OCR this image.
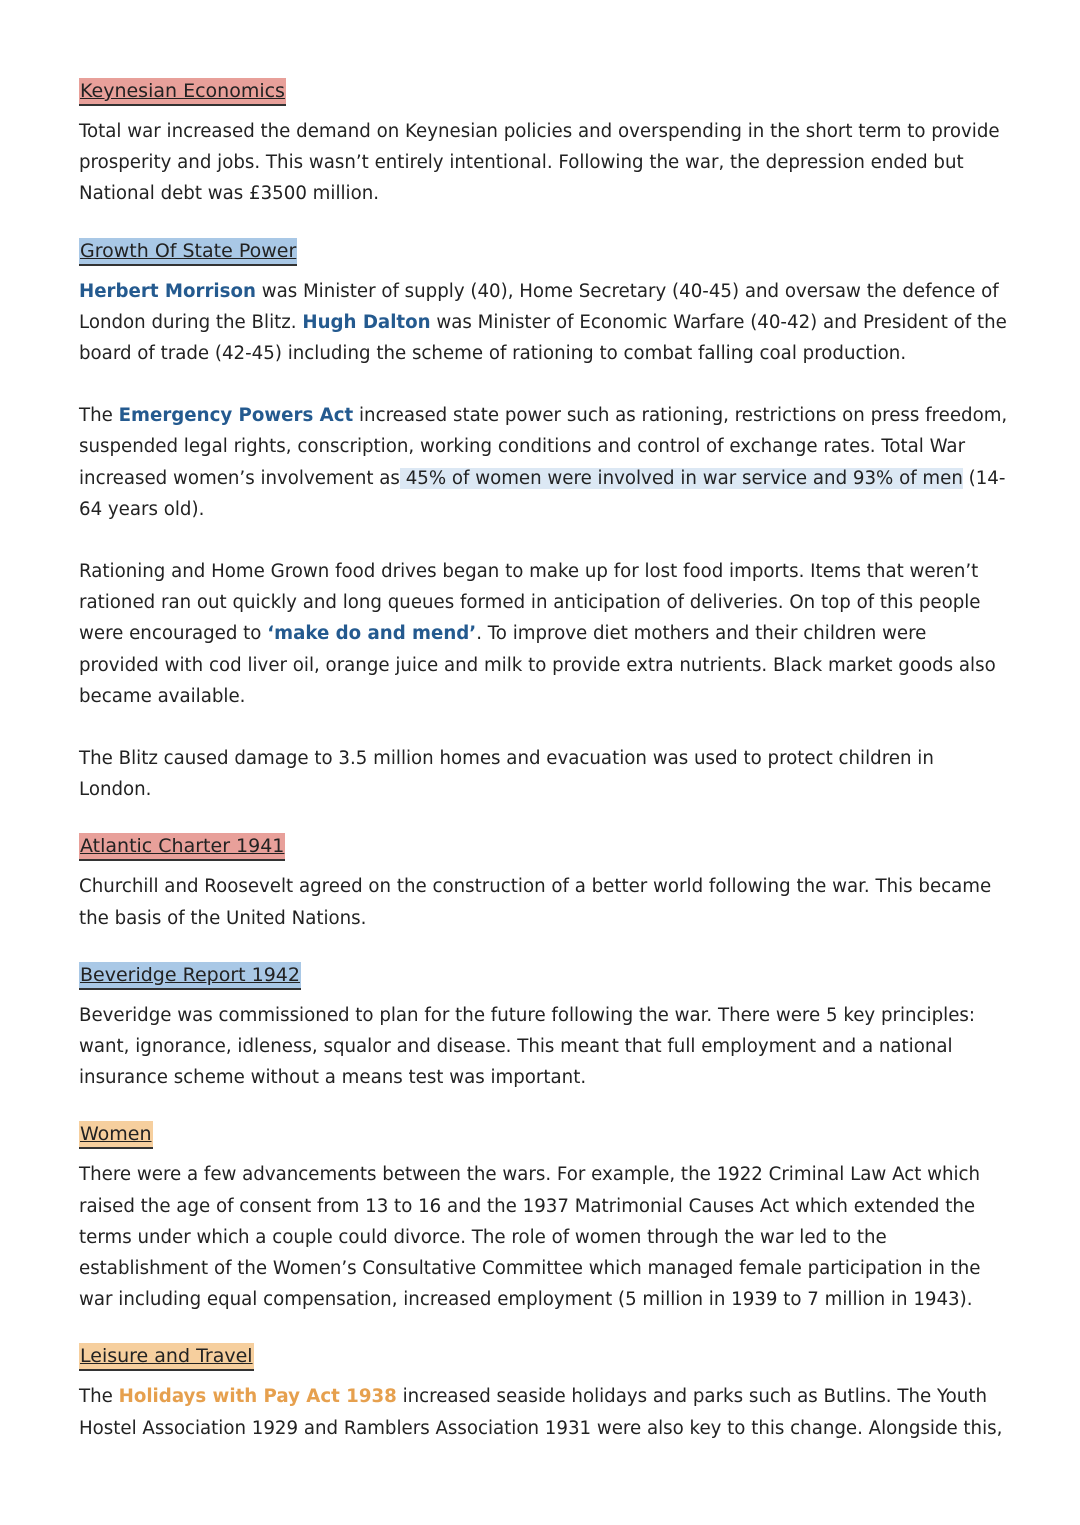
Keynesian Economics

Total war increased the demand on Keynesian policies and overspending in the short term to provide prosperity and jobs. This wasn’t entirely intentional. Following the war, the depression ended but National debt was £3500 million.

Growth Of State Power

Herbert Morrison was Minister of supply (40), Home Secretary (40-45) and oversaw the defence of London during the Blitz. Hugh Dalton was Minister of Economic Warfare (40-42) and President of the board of trade (42-45) including the scheme of rationing to combat falling coal production.

The Emergency Powers Act increased state power such as rationing, restrictions on press freedom, suspended legal rights, conscription, working conditions and control of exchange rates. Total War increased women’s involvement as 45% of women were involved in war service and 93% of men (14-64 years old).

Rationing and Home Grown food drives began to make up for lost food imports. Items that weren’t rationed ran out quickly and long queues formed in anticipation of deliveries. On top of this people were encouraged to ‘make do and mend’. To improve diet mothers and their children were provided with cod liver oil, orange juice and milk to provide extra nutrients. Black market goods also became available.

The Blitz caused damage to 3.5 million homes and evacuation was used to protect children in London.

Atlantic Charter 1941

Churchill and Roosevelt agreed on the construction of a better world following the war. This became the basis of the United Nations.

Beveridge Report 1942

Beveridge was commissioned to plan for the future following the war. There were 5 key principles: want, ignorance, idleness, squalor and disease. This meant that full employment and a national insurance scheme without a means test was important.

Women

There were a few advancements between the wars. For example, the 1922 Criminal Law Act which raised the age of consent from 13 to 16 and the 1937 Matrimonial Causes Act which extended the terms under which a couple could divorce. The role of women through the war led to the establishment of the Women’s Consultative Committee which managed female participation in the war including equal compensation, increased employment (5 million in 1939 to 7 million in 1943).

Leisure and Travel

The Holidays with Pay Act 1938 increased seaside holidays and parks such as Butlins. The Youth Hostel Association 1929 and Ramblers Association 1931 were also key to this change. Alongside this,
